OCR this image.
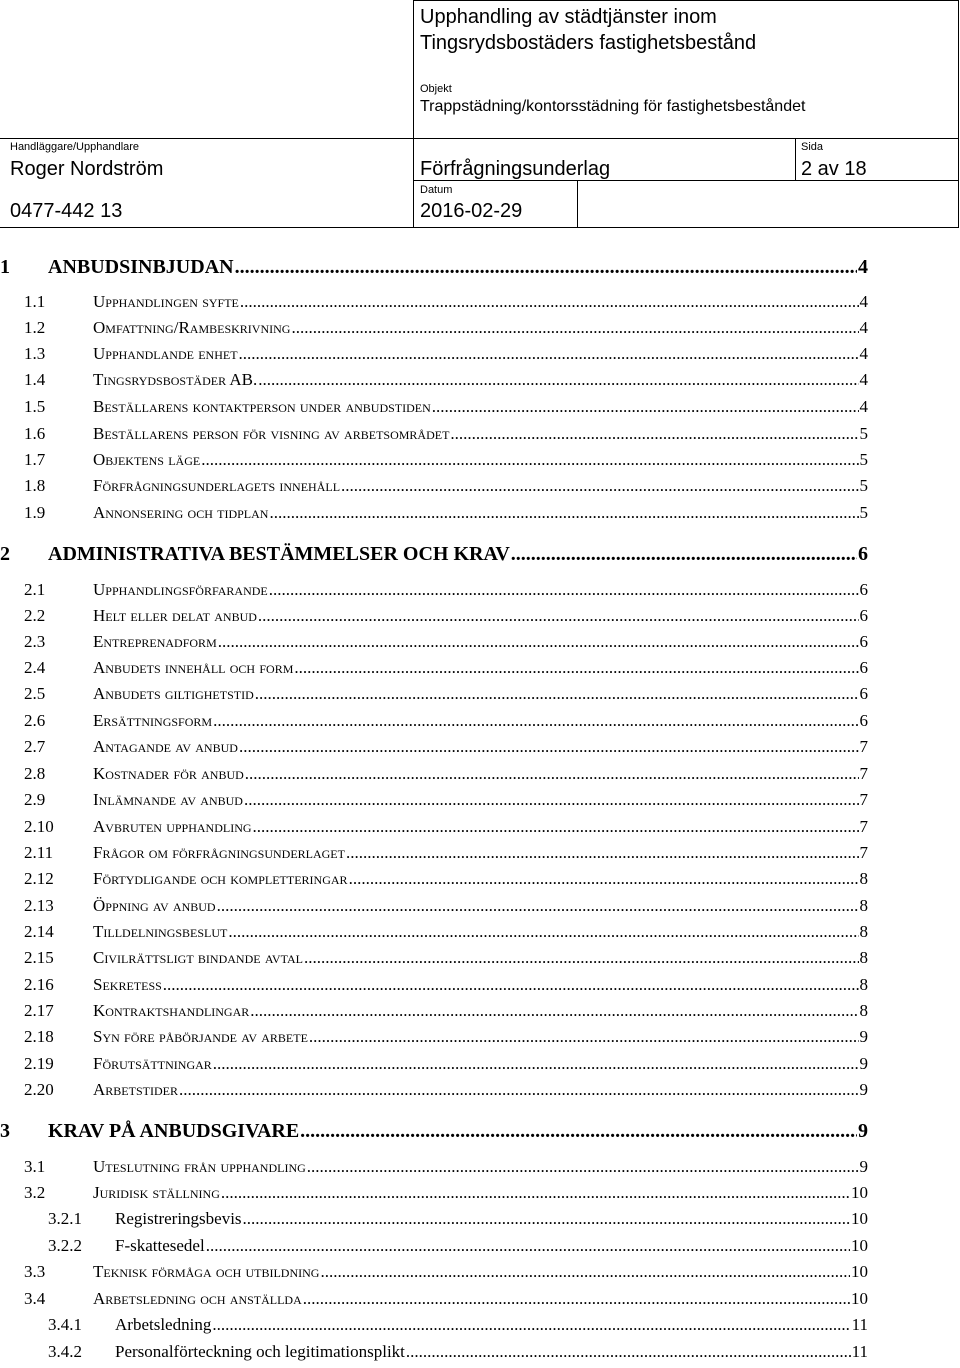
Upphandling av städtjänster inom
Tingsrydsbostäders fastighetsbestånd
Objekt
Trappstädning/kontorsstädning för fastighetsbeståndet
Handläggare/Upphandlare
Roger Nordström
0477-442 13
Förfrågningsunderlag
Datum
2016-02-29
Sida
2 av 18
1 ANBUDSINBJUDAN .....	4
1.1	Upphandlingen syfte .....	4
1.2	Omfattning/Rambeskrivning .....	4
1.3	Upphandlande enhet .....	4
1.4	Tingsrydsbostäder AB. .....	4
1.5	Beställarens kontaktperson under anbudstiden .....	4
1.6	Beställarens person för visning av arbetsområdet .....	5
1.7	Objektens läge .....	5
1.8	Förfrågningsunderlagets innehåll .....	5
1.9	Annonsering och tidplan .....	5
2 ADMINISTRATIVA BESTÄMMELSER OCH KRAV .....	6
2.1	Upphandlingsförfarande .....	6
2.2	Helt eller delat anbud .....	6
2.3	Entreprenadform .....	6
2.4	Anbudets innehåll och form .....	6
2.5	Anbudets giltighetstid .....	6
2.6	Ersättningsform .....	6
2.7	Antagande av anbud .....	7
2.8	Kostnader för anbud .....	7
2.9	Inlämnande av anbud .....	7
2.10 Avbruten upphandling .....	7
2.11 Frågor om förfrågningsunderlaget .....	7
2.12 Förtydligande och kompletteringar .....	8
2.13 Öppning av anbud .....	8
2.14 Tilldelningsbeslut .....	8
2.15 Civilrättsligt bindande avtal .....	8
2.16 Sekretess .....	8
2.17 Kontraktshandlingar .....	8
2.18 Syn före påbörjande av arbete .....	9
2.19 Förutsättningar .....	9
2.20 Arbetstider .....	9
3 KRAV PÅ ANBUDSGIVARE .....	9
3.1	Uteslutning från upphandling .....	9
3.2	Juridisk ställning .....	10
3.2.1 Registreringsbevis .....	10
3.2.2 F-skattesedel .....	10
3.3	Teknisk förmåga och utbildning .....	10
3.4	Arbetsledning och anställda .....	10
3.4.1 Arbetsledning .....	11
3.4.2 Personalförteckning och legitimationsplikt .....	11
